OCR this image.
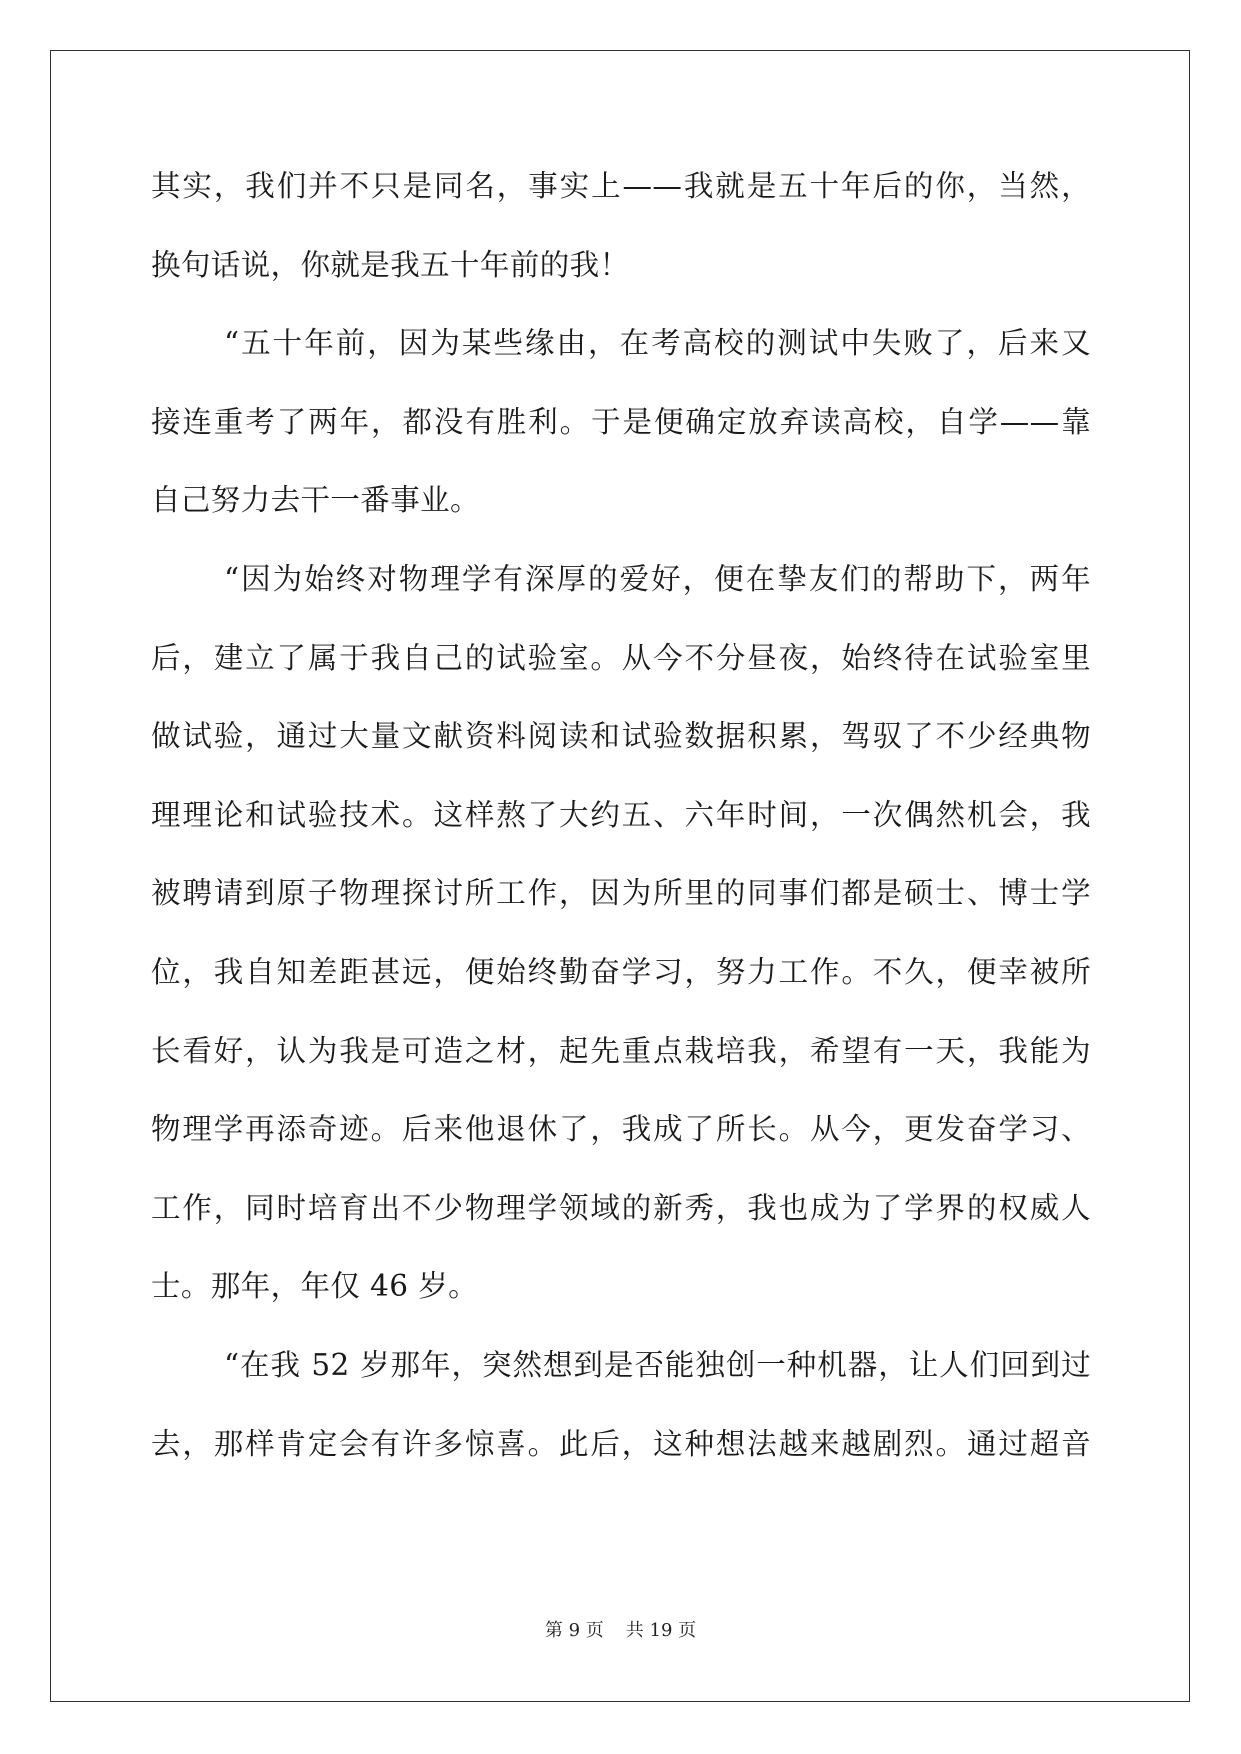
其实，我们并不只是同名，事实上——我就是五十年后的你，当然，
换句话说，你就是我五十年前的我！
“五十年前，因为某些缘由，在考高校的测试中失败了，后来又
接连重考了两年，都没有胜利。于是便确定放弃读高校，自学——靠
自己努力去干一番事业。
“因为始终对物理学有深厚的爱好，便在挚友们的帮助下，两年
后，建立了属于我自己的试验室。从今不分昼夜，始终待在试验室里
做试验，通过大量文献资料阅读和试验数据积累，驾驭了不少经典物
理理论和试验技术。这样熬了大约五、六年时间，一次偶然机会，我
被聘请到原子物理探讨所工作，因为所里的同事们都是硕士、博士学
位，我自知差距甚远，便始终勤奋学习，努力工作。不久，便幸被所
长看好，认为我是可造之材，起先重点栽培我，希望有一天，我能为
物理学再添奇迹。后来他退休了，我成了所长。从今，更发奋学习、
工作，同时培育出不少物理学领域的新秀，我也成为了学界的权威人
士。那年，年仅 46 岁。
“在我 52 岁那年，突然想到是否能独创一种机器，让人们回到过
去，那样肯定会有许多惊喜。此后，这种想法越来越剧烈。通过超音
第 9 页 共 19 页
